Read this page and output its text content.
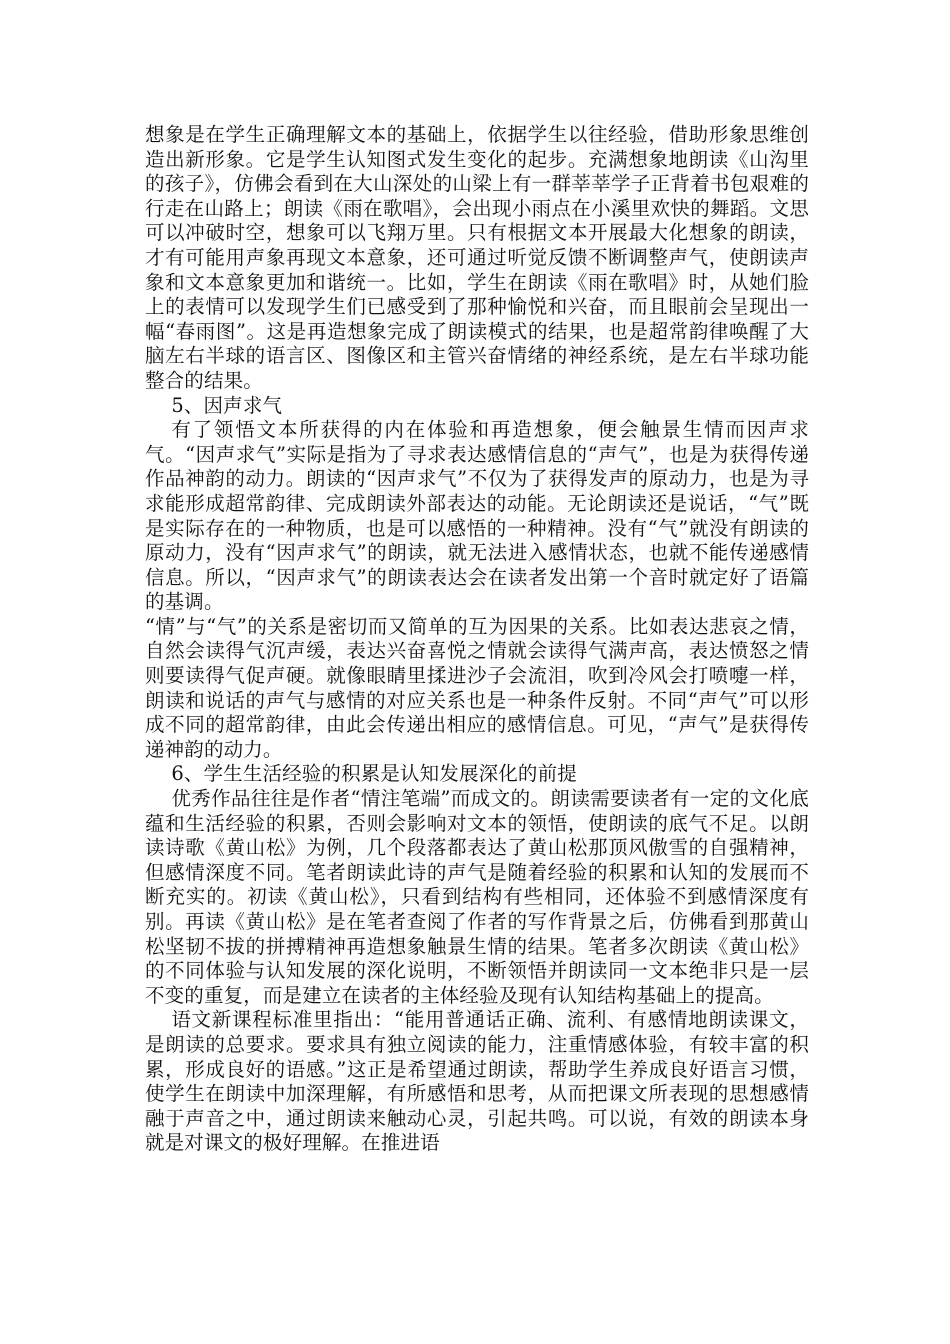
想象是在学生正确理解文本的基础上，依据学生以往经验，借助形象思维创造出新形象。它是学生认知图式发生变化的起步。充满想象地朗读《山沟里的孩子》，仿佛会看到在大山深处的山梁上有一群莘莘学子正背着书包艰难的行走在山路上；朗读《雨在歌唱》，会出现小雨点在小溪里欢快的舞蹈。文思可以冲破时空，想象可以飞翔万里。只有根据文本开展最大化想象的朗读，才有可能用声象再现文本意象，还可通过听觉反馈不断调整声气，使朗读声象和文本意象更加和谐统一。比如，学生在朗读《雨在歌唱》时，从她们脸上的表情可以发现学生们已感受到了那种愉悦和兴奋，而且眼前会呈现出一幅“春雨图”。这是再造想象完成了朗读模式的结果，也是超常韵律唤醒了大脑左右半球的语言区、图像区和主管兴奋情绪的神经系统，是左右半球功能整合的结果。

5、因声求气

有了领悟文本所获得的内在体验和再造想象，便会触景生情而因声求气。“因声求气”实际是指为了寻求表达感情信息的“声气”，也是为获得传递作品神韵的动力。朗读的“因声求气”不仅为了获得发声的原动力，也是为寻求能形成超常韵律、完成朗读外部表达的动能。无论朗读还是说话，“气”既是实际存在的一种物质，也是可以感悟的一种精神。没有“气”就没有朗读的原动力，没有“因声求气”的朗读，就无法进入感情状态，也就不能传递感情信息。所以，“因声求气”的朗读表达会在读者发出第一个音时就定好了语篇的基调。

“情”与“气”的关系是密切而又简单的互为因果的关系。比如表达悲哀之情，自然会读得气沉声缓，表达兴奋喜悦之情就会读得气满声高，表达愤怒之情则要读得气促声硬。就像眼睛里揉进沙子会流泪，吹到冷风会打喷嚏一样，朗读和说话的声气与感情的对应关系也是一种条件反射。不同“声气”可以形成不同的超常韵律，由此会传递出相应的感情信息。可见，“声气”是获得传递神韵的动力。

6、学生生活经验的积累是认知发展深化的前提

优秀作品往往是作者“情注笔端”而成文的。朗读需要读者有一定的文化底蕴和生活经验的积累，否则会影响对文本的领悟，使朗读的底气不足。以朗读诗歌《黄山松》为例，几个段落都表达了黄山松那顶风傲雪的自强精神，但感情深度不同。笔者朗读此诗的声气是随着经验的积累和认知的发展而不断充实的。初读《黄山松》，只看到结构有些相同，还体验不到感情深度有别。再读《黄山松》是在笔者查阅了作者的写作背景之后，仿佛看到那黄山松坚韧不拔的拼搏精神再造想象触景生情的结果。笔者多次朗读《黄山松》的不同体验与认知发展的深化说明，不断领悟并朗读同一文本绝非只是一层不变的重复，而是建立在读者的主体经验及现有认知结构基础上的提高。

语文新课程标准里指出：“能用普通话正确、流利、有感情地朗读课文，是朗读的总要求。要求具有独立阅读的能力，注重情感体验，有较丰富的积累，形成良好的语感。”这正是希望通过朗读，帮助学生养成良好语言习惯，使学生在朗读中加深理解，有所感悟和思考，从而把课文所表现的思想感情融于声音之中，通过朗读来触动心灵，引起共鸣。可以说，有效的朗读本身就是对课文的极好理解。在推进语
